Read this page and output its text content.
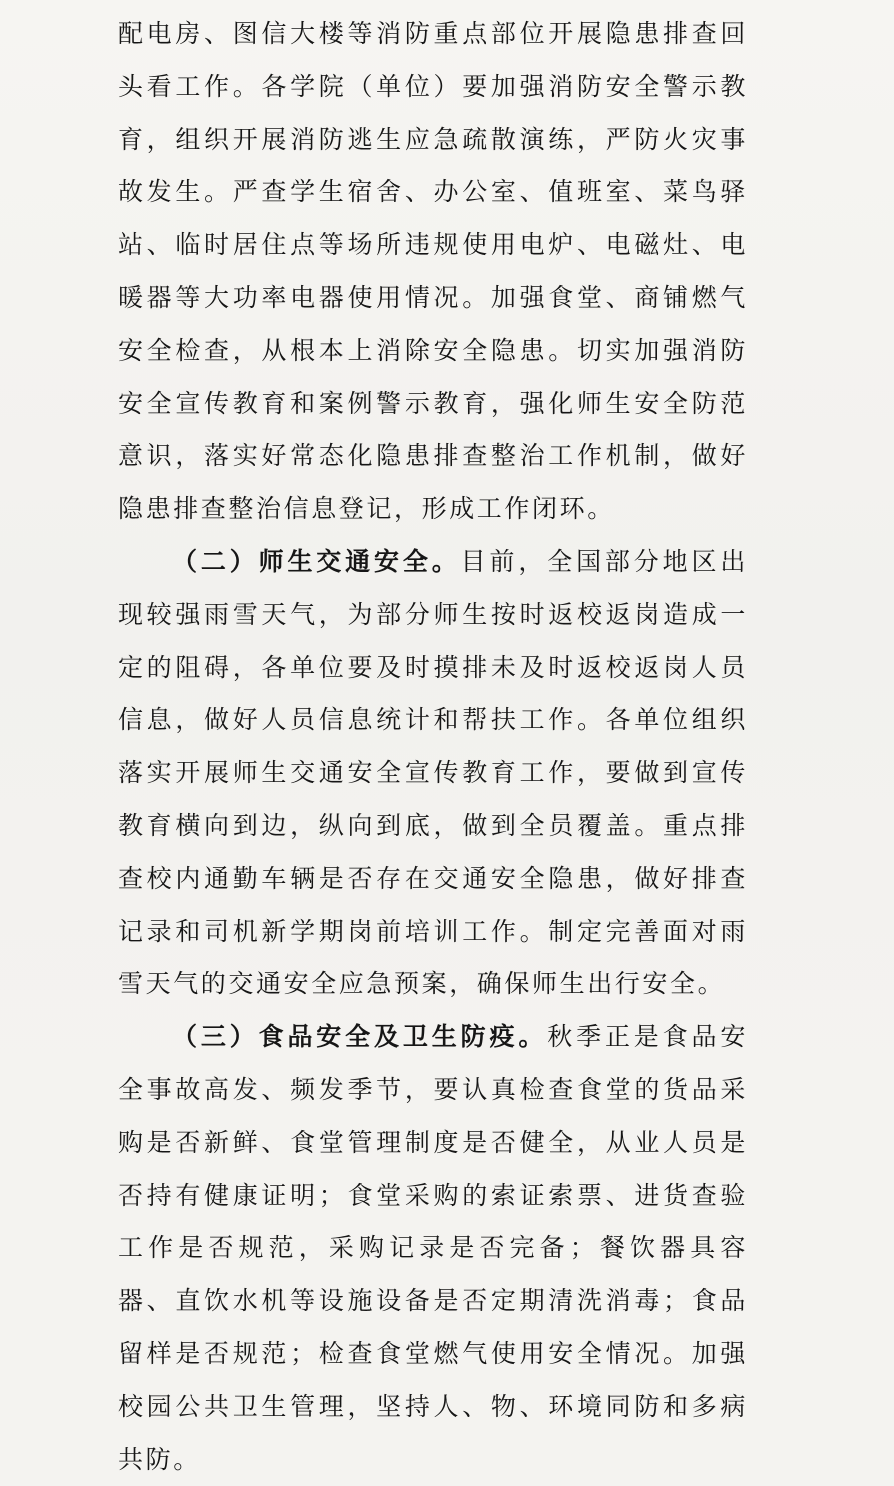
配电房、图信大楼等消防重点部位开展隐患排查回头看工作。各学院（单位）要加强消防安全警示教育，组织开展消防逃生应急疏散演练，严防火灾事故发生。严查学生宿舍、办公室、值班室、菜鸟驿站、临时居住点等场所违规使用电炉、电磁灶、电暖器等大功率电器使用情况。加强食堂、商铺燃气安全检查，从根本上消除安全隐患。切实加强消防安全宣传教育和案例警示教育，强化师生安全防范意识，落实好常态化隐患排查整治工作机制，做好隐患排查整治信息登记，形成工作闭环。

（二）师生交通安全。目前，全国部分地区出现较强雨雪天气，为部分师生按时返校返岗造成一定的阻碍，各单位要及时摸排未及时返校返岗人员信息，做好人员信息统计和帮扶工作。各单位组织落实开展师生交通安全宣传教育工作，要做到宣传教育横向到边，纵向到底，做到全员覆盖。重点排查校内通勤车辆是否存在交通安全隐患，做好排查记录和司机新学期岗前培训工作。制定完善面对雨雪天气的交通安全应急预案，确保师生出行安全。

（三）食品安全及卫生防疫。秋季正是食品安全事故高发、频发季节，要认真检查食堂的货品采购是否新鲜、食堂管理制度是否健全，从业人员是否持有健康证明；食堂采购的索证索票、进货查验工作是否规范，采购记录是否完备；餐饮器具容器、直饮水机等设施设备是否定期清洗消毒；食品留样是否规范；检查食堂燃气使用安全情况。加强校园公共卫生管理，坚持人、物、环境同防和多病共防。
